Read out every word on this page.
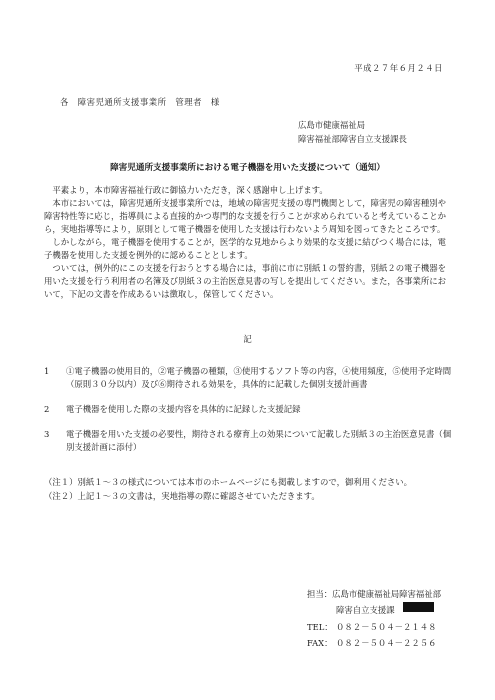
平成２７年６月２４日
各　障害児通所支援事業所　管理者　様
広島市健康福祉局
障害福祉部障害自立支援課長
障害児通所支援事業所における電子機器を用いた支援について（通知）

平素より，本市障害福祉行政に御協力いただき，深く感謝申し上げます。

本市においては，障害児通所支援事業所では，地域の障害児支援の専門機関として，障害児の障害種別や障害特性等に応じ，指導員による直接的かつ専門的な支援を行うことが求められていると考えていることから，実地指導等により，原則として電子機器を使用した支援は行わないよう周知を図ってきたところです。

しかしながら，電子機器を使用することが，医学的な見地からより効果的な支援に結びつく場合には，電子機器を使用した支援を例外的に認めることとします。

ついては，例外的にこの支援を行おうとする場合には，事前に市に別紙１の誓約書，別紙２の電子機器を用いた支援を行う利用者の名簿及び別紙３の主治医意見書の写しを提出してください。また，各事業所において，下記の文書を作成あるいは徴取し，保管してください。

記
1	①電子機器の使用目的，②電子機器の種類，③使用するソフト等の内容，④使用頻度，⑤使用予定時間（原則３０分以内）及び⑥期待される効果を，具体的に記載した個別支援計画書
2	電子機器を使用した際の支援内容を具体的に記録した支援記録
3	電子機器を用いた支援の必要性，期待される療育上の効果について記載した別紙３の主治医意見書（個別支援計画に添付）
（注１）別紙１～３の様式については本市のホームページにも掲載しますので，御利用ください。
（注２）上記１～３の文書は，実地指導の際に確認させていただきます。
担当：広島市健康福祉局障害福祉部
障害自立支援課
TEL： ０８２－５０４－２１４８
FAX： ０８２－５０４－２２５６
